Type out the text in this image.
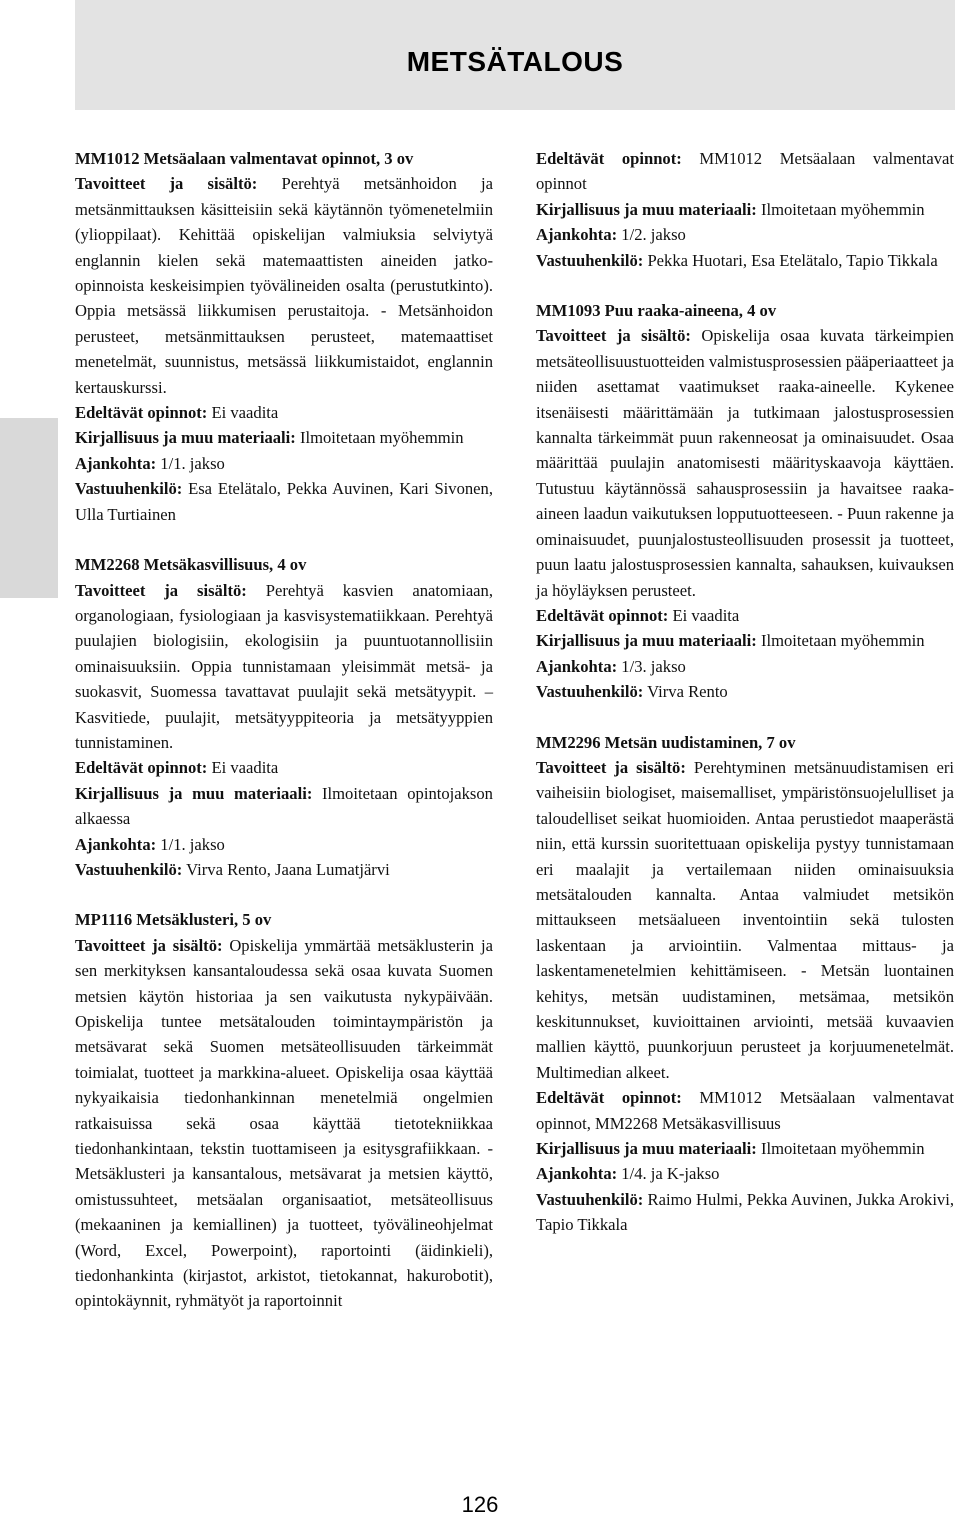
METSÄTALOUS

MM1012 Metsäalaan valmentavat opinnot, 3 ov

Tavoitteet ja sisältö: Perehtyä metsänhoidon ja metsänmittauksen käsitteisiin sekä käytännön työmenetelmiin (ylioppilaat). Kehittää opiskelijan valmiuksia selviytyä englannin kielen sekä matemaattisten aineiden jatko-opinnoista keskeisimpien työvälineiden osalta (perustutkinto). Oppia metsässä liikkumisen perustaitoja. - Metsänhoidon perusteet, metsänmittauksen perusteet, matemaattiset menetelmät, suunnistus, metsässä liikkumistaidot, englannin kertauskurssi.

Edeltävät opinnot: Ei vaadita

Kirjallisuus ja muu materiaali: Ilmoitetaan myöhemmin

Ajankohta: 1/1. jakso

Vastuuhenkilö: Esa Etelätalo, Pekka Auvinen, Kari Sivonen, Ulla Turtiainen

MM2268 Metsäkasvillisuus, 4 ov

Tavoitteet ja sisältö: Perehtyä kasvien anatomiaan, organologiaan, fysiologiaan ja kasvisystematiikkaan. Perehtyä puulajien biologisiin, ekologisiin ja puuntuotannollisiin ominaisuuksiin. Oppia tunnistamaan yleisimmät metsä- ja suokasvit, Suomessa tavattavat puulajit sekä metsätyypit. – Kasvitiede, puulajit, metsätyyppiteoria ja metsätyyppien tunnistaminen.

Edeltävät opinnot: Ei vaadita

Kirjallisuus ja muu materiaali: Ilmoitetaan opintojakson alkaessa

Ajankohta: 1/1. jakso

Vastuuhenkilö: Virva Rento, Jaana Lumatjärvi

MP1116 Metsäklusteri, 5 ov

Tavoitteet ja sisältö: Opiskelija ymmärtää metsäklusterin ja sen merkityksen kansantaloudessa sekä osaa kuvata Suomen metsien käytön historiaa ja sen vaikutusta nykypäivään. Opiskelija tuntee metsätalouden toimintaympäristön ja metsävarat sekä Suomen metsäteollisuuden tärkeimmät toimialat, tuotteet ja markkina-alueet. Opiskelija osaa käyttää nykyaikaisia tiedonhankinnan menetelmiä ongelmien ratkaisuissa sekä osaa käyttää tietotekniikkaa tiedonhankintaan, tekstin tuottamiseen ja esitysgrafiikkaan. - Metsäklusteri ja kansantalous, metsävarat ja metsien käyttö, omistussuhteet, metsäalan organisaatiot, metsäteollisuus (mekaaninen ja kemiallinen) ja tuotteet, työvälineohjelmat (Word, Excel, Powerpoint), raportointi (äidinkieli), tiedonhankinta (kirjastot, arkistot, tietokannat, hakurobotit), opintokäynnit, ryhmätyöt ja raportoinnit

Edeltävät opinnot: MM1012 Metsäalaan valmentavat opinnot

Kirjallisuus ja muu materiaali: Ilmoitetaan myöhemmin

Ajankohta: 1/2. jakso

Vastuuhenkilö: Pekka Huotari, Esa Etelätalo, Tapio Tikkala

MM1093 Puu raaka-aineena, 4 ov

Tavoitteet ja sisältö: Opiskelija osaa kuvata tärkeimpien metsäteollisuustuotteiden valmistusprosessien pääperiaatteet ja niiden asettamat vaatimukset raaka-aineelle. Kykenee itsenäisesti määrittämään ja tutkimaan jalostusprosessien kannalta tärkeimmät puun rakenneosat ja ominaisuudet. Osaa määrittää puulajin anatomisesti määrityskaavoja käyttäen. Tutustuu käytännössä sahausprosessiin ja havaitsee raaka-aineen laadun vaikutuksen lopputuotteeseen. - Puun rakenne ja ominaisuudet, puunjalostusteollisuuden prosessit ja tuotteet, puun laatu jalostusprosessien kannalta, sahauksen, kuivauksen ja höyläyksen perusteet.

Edeltävät opinnot: Ei vaadita

Kirjallisuus ja muu materiaali: Ilmoitetaan myöhemmin

Ajankohta: 1/3. jakso

Vastuuhenkilö: Virva Rento

MM2296 Metsän uudistaminen, 7 ov

Tavoitteet ja sisältö: Perehtyminen metsänuudistamisen eri vaiheisiin biologiset, maisemalliset, ympäristönsuojelulliset ja taloudelliset seikat huomioiden. Antaa perustiedot maaperästä niin, että kurssin suoritettuaan opiskelija pystyy tunnistamaan eri maalajit ja vertailemaan niiden ominaisuuksia metsätalouden kannalta. Antaa valmiudet metsikön mittaukseen metsäalueen inventointiin sekä tulosten laskentaan ja arviointiin. Valmentaa mittaus- ja laskentamenetelmien kehittämiseen. - Metsän luontainen kehitys, metsän uudistaminen, metsämaa, metsikön keskitunnukset, kuvioittainen arviointi, metsää kuvaavien mallien käyttö, puunkorjuun perusteet ja korjuumenetelmät. Multimedian alkeet.

Edeltävät opinnot: MM1012 Metsäalaan valmentavat opinnot, MM2268 Metsäkasvillisuus

Kirjallisuus ja muu materiaali: Ilmoitetaan myöhemmin

Ajankohta: 1/4. ja K-jakso

Vastuuhenkilö: Raimo Hulmi, Pekka Auvinen, Jukka Arokivi, Tapio Tikkala

126
